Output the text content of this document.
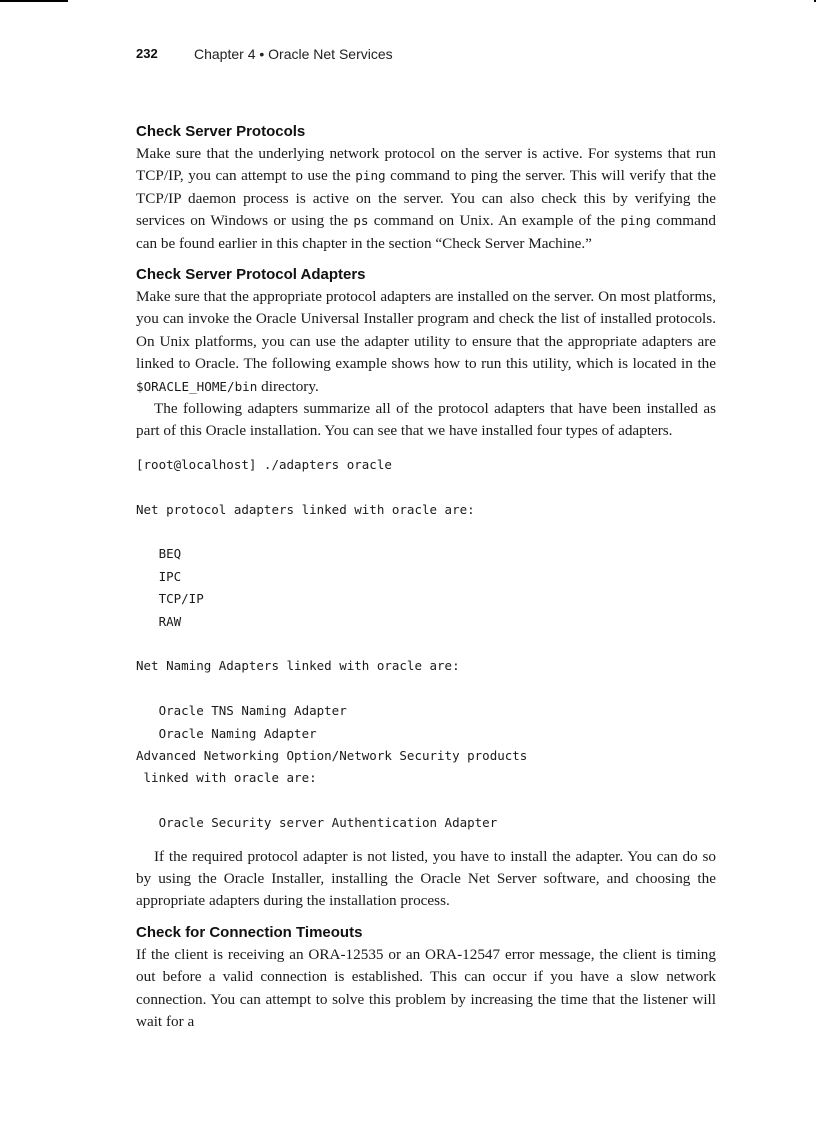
232	Chapter 4 • Oracle Net Services
Check Server Protocols

Make sure that the underlying network protocol on the server is active. For systems that run TCP/IP, you can attempt to use the ping command to ping the server. This will verify that the TCP/IP daemon process is active on the server. You can also check this by verifying the services on Windows or using the ps command on Unix. An example of the ping command can be found earlier in this chapter in the section “Check Server Machine.”

Check Server Protocol Adapters

Make sure that the appropriate protocol adapters are installed on the server. On most platforms, you can invoke the Oracle Universal Installer program and check the list of installed protocols. On Unix platforms, you can use the adapter utility to ensure that the appropriate adapters are linked to Oracle. The following example shows how to run this utility, which is located in the $ORACLE_HOME/bin directory.

The following adapters summarize all of the protocol adapters that have been installed as part of this Oracle installation. You can see that we have installed four types of adapters.

[root@localhost] ./adapters oracle
Net protocol adapters linked with oracle are:
BEQ
IPC
TCP/IP
RAW
Net Naming Adapters linked with oracle are:
Oracle TNS Naming Adapter
Oracle Naming Adapter
Advanced Networking Option/Network Security products
linked with oracle are:
Oracle Security server Authentication Adapter

If the required protocol adapter is not listed, you have to install the adapter. You can do so by using the Oracle Installer, installing the Oracle Net Server software, and choosing the appropriate adapters during the installation process.

Check for Connection Timeouts

If the client is receiving an ORA-12535 or an ORA-12547 error message, the client is timing out before a valid connection is established. This can occur if you have a slow network connection. You can attempt to solve this problem by increasing the time that the listener will wait for a
